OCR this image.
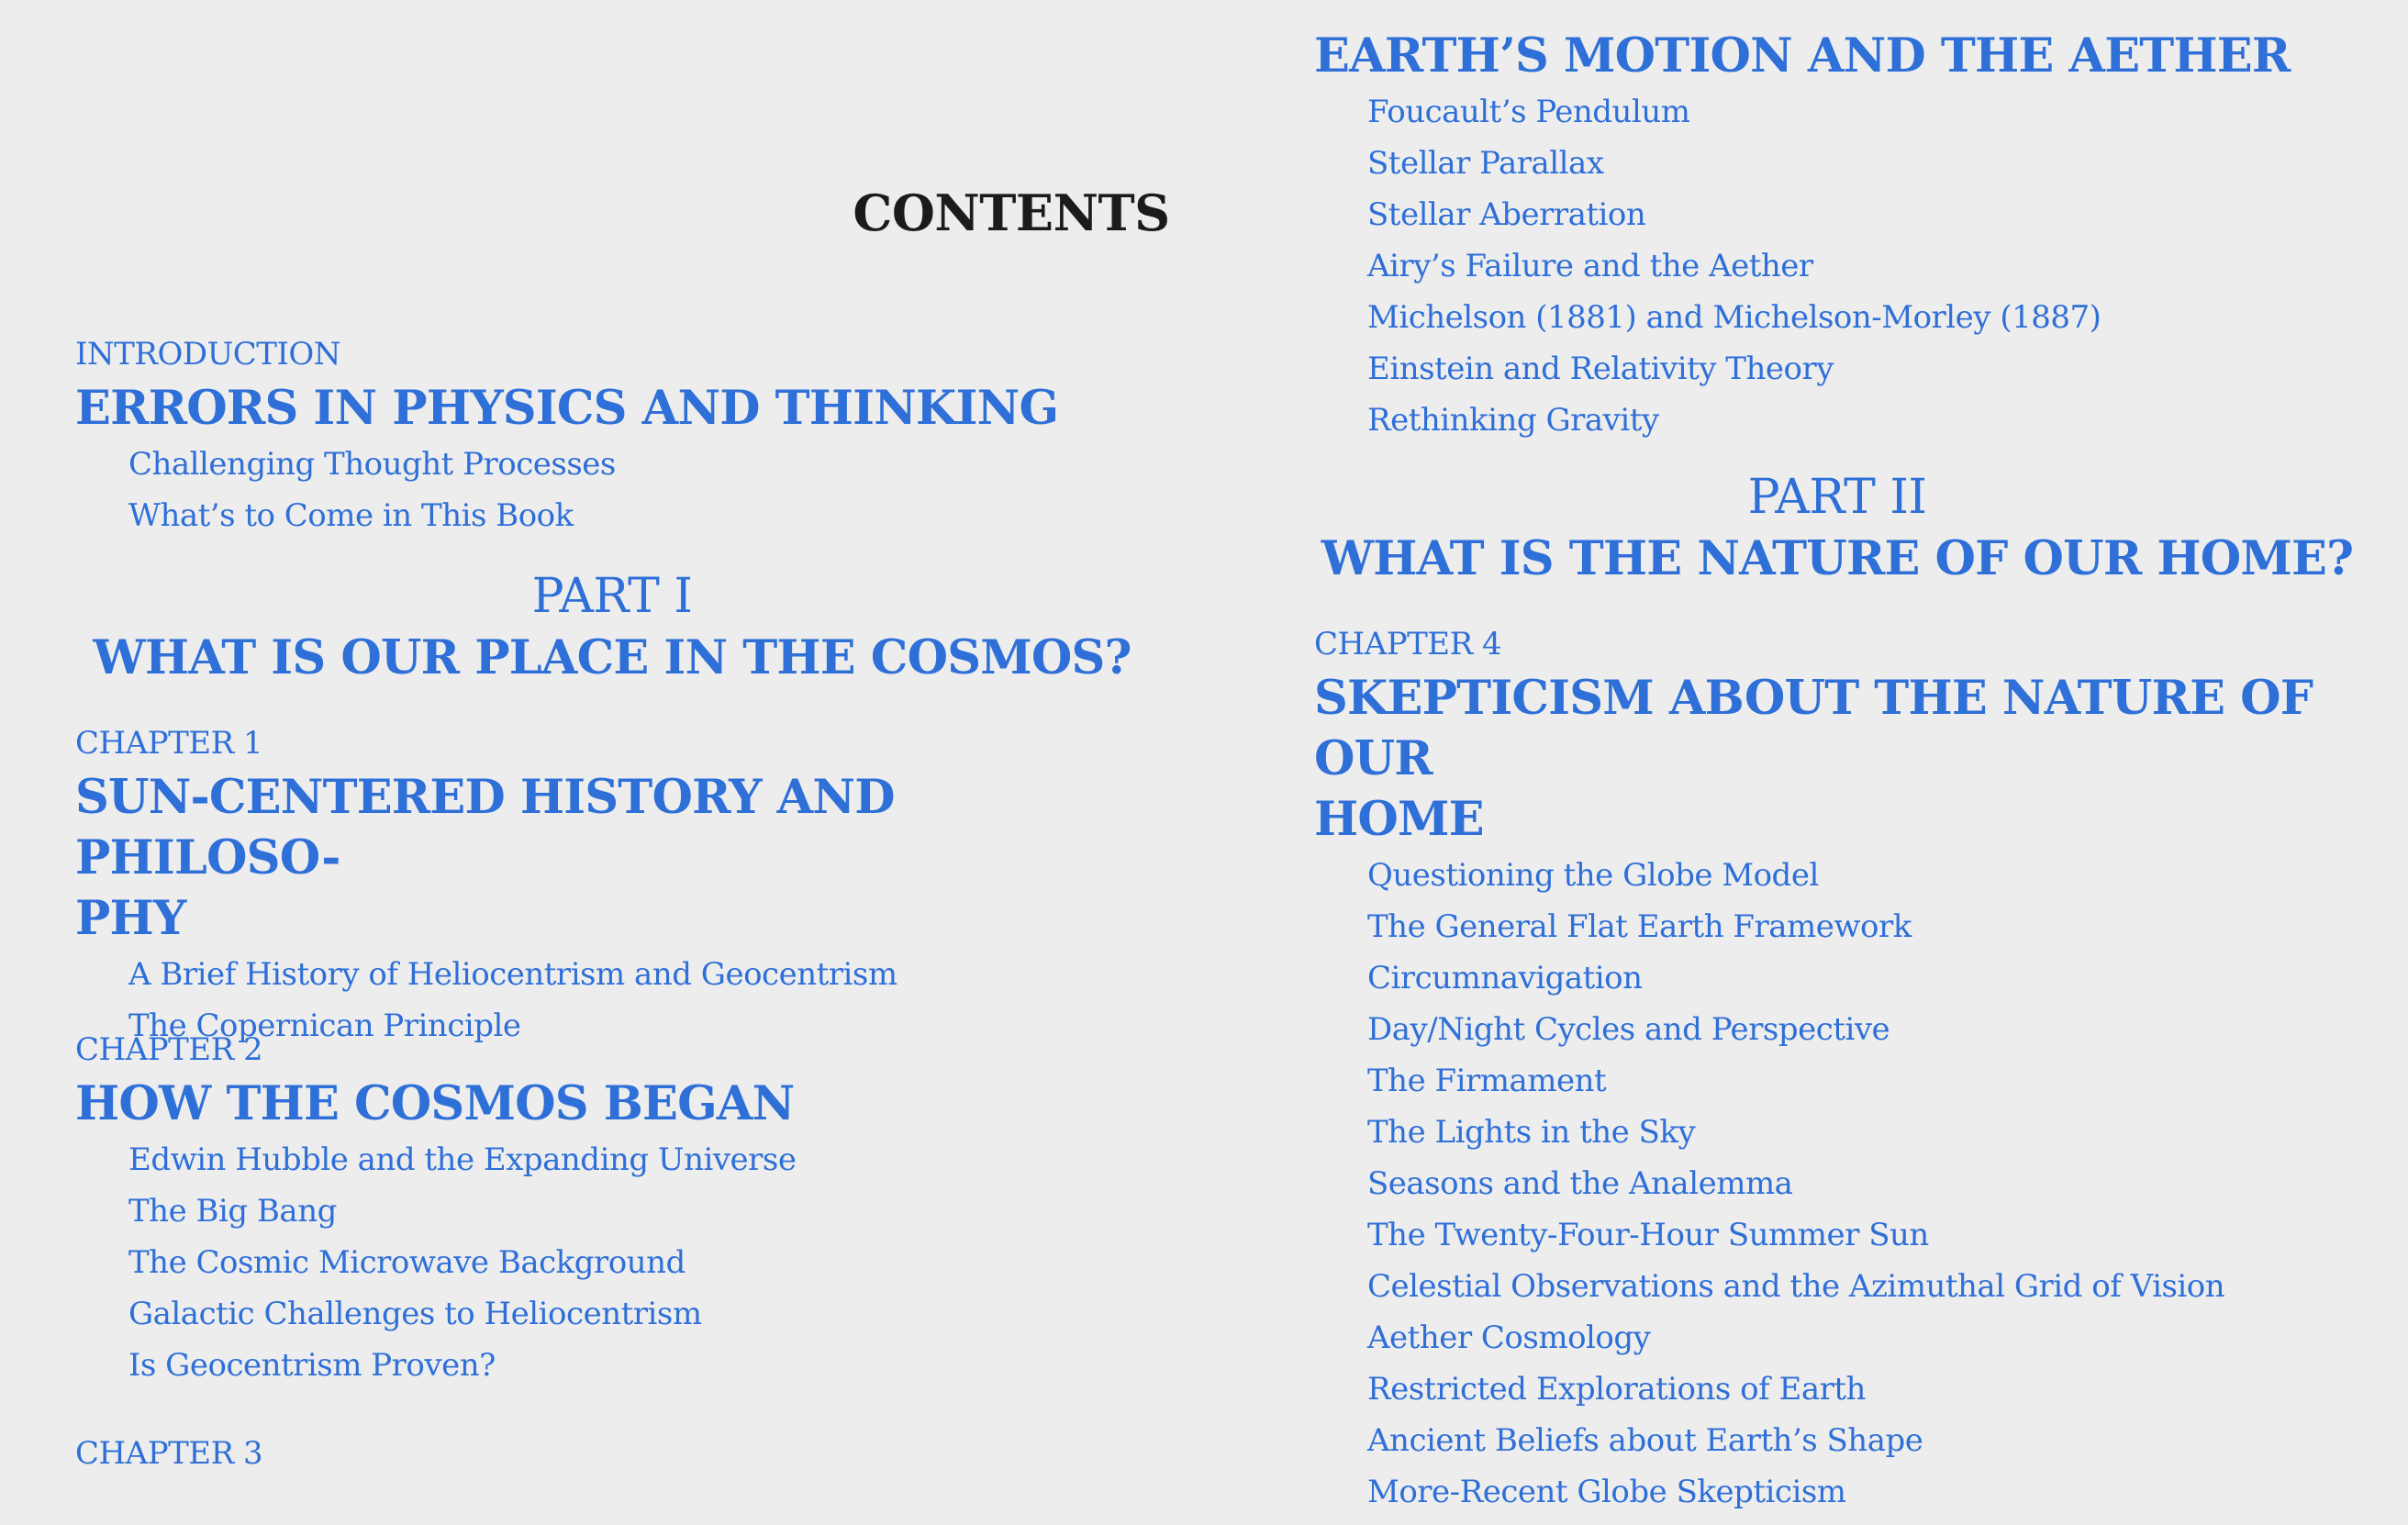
CONTENTS
INTRODUCTION
ERRORS IN PHYSICS AND THINKING
Challenging Thought Processes
What’s to Come in This Book
PART I
WHAT IS OUR PLACE IN THE COSMOS?
CHAPTER 1
SUN-CENTERED HISTORY AND PHILOSO-
PHY
A Brief History of Heliocentrism and Geocentrism
The Copernican Principle
CHAPTER 2
HOW THE COSMOS BEGAN
Edwin Hubble and the Expanding Universe
The Big Bang
The Cosmic Microwave Background
Galactic Challenges to Heliocentrism
Is Geocentrism Proven?
CHAPTER 3
EARTH’S MOTION AND THE AETHER
Foucault’s Pendulum
Stellar Parallax
Stellar Aberration
Airy’s Failure and the Aether
Michelson (1881) and Michelson-Morley (1887)
Einstein and Relativity Theory
Rethinking Gravity
PART II
WHAT IS THE NATURE OF OUR HOME?
CHAPTER 4
SKEPTICISM ABOUT THE NATURE OF OUR
HOME
Questioning the Globe Model
The General Flat Earth Framework
Circumnavigation
Day/Night Cycles and Perspective
The Firmament
The Lights in the Sky
Seasons and the Analemma
The Twenty-Four-Hour Summer Sun
Celestial Observations and the Azimuthal Grid of Vision
Aether Cosmology
Restricted Explorations of Earth
Ancient Beliefs about Earth’s Shape
More-Recent Globe Skepticism
